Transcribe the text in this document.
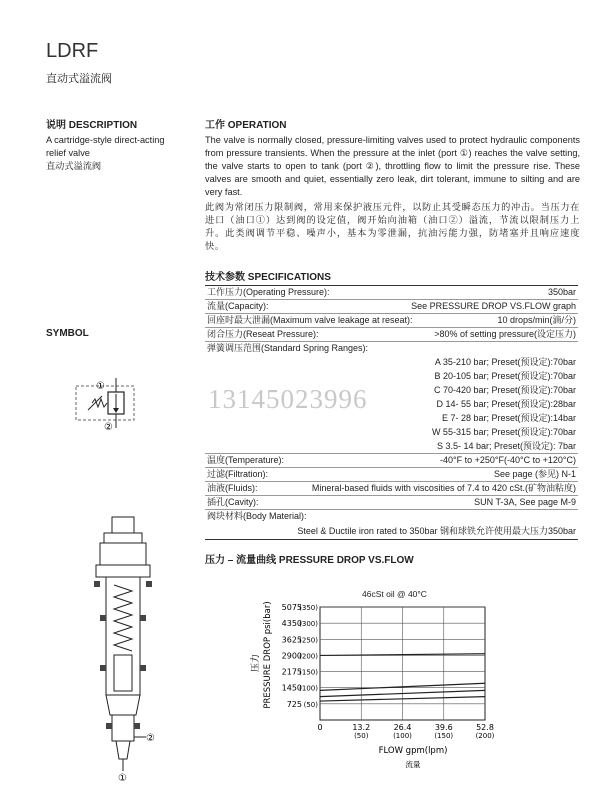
LDRF
直动式溢流阀
说明 DESCRIPTION
A cartridge-style direct-acting
relief valve
直动式溢流阀
工作 OPERATION
The valve is normally closed, pressure-limiting valves used to protect hydraulic components from pressure transients. When the pressure at the inlet (port ①) reaches the valve setting, the valve starts to open to tank (port ②), throttling flow to limit the pressure rise. These valves are smooth and quiet, essentially zero leak, dirt tolerant, immune to silting and are very fast.
此阀为常闭压力限制阀，常用来保护液压元件，以防止其受瞬态压力的冲击。当压力在进口（油口①）达到阀的设定值，阀开始向油箱（油口②）溢流，节流以限制压力上升。此类阀调节平稳、噪声小，基本为零泄漏，抗油污能力强，防堵塞并且响应速度快。
技术参数 SPECIFICATIONS
工作压力(Operating Pressure):	350bar
流量(Capacity):	See PRESSURE DROP VS.FLOW graph
回座时最大泄漏(Maximum valve leakage at reseat):	10 drops/min(滴/分)
闭合压力(Reseat Pressure):	>80% of setting pressure(设定压力)
弹簧调压范围(Standard Spring Ranges):
A 35-210 bar; Preset(预设定):70bar
B 20-105 bar; Preset(预设定):70bar
C 70-420 bar; Preset(预设定):70bar
D 14- 55 bar; Preset(预设定):28bar
E 7- 28 bar; Preset(预设定):14bar
W 55-315 bar; Preset(预设定):70bar
S 3.5- 14 bar; Preset(预设定): 7bar
温度(Temperature):	-40°F to +250°F(-40°C to +120°C)
过滤(Filtration):	See page (参见) N-1
油液(Fluids):	Mineral-based fluids with viscosities of 7.4 to 420 cSt.(矿物油粘度)
插孔(Cavity):	SUN T-3A, See page M-9
阀块材料(Body Material):
Steel & Ductile iron rated to 350bar 钢和球铁允许使用最大压力350bar
SYMBOL
①
②
13145023996
②
①
压力 – 流量曲线 PRESSURE DROP VS.FLOW
46cSt oil @ 40°C
压力 PRESSURE DROP psi(bar)
FLOW gpm(lpm)
流量
725 (50)
1450
(100)
2175
(150)
2900
(200)
3625
(250)
4350
(300)
5075
(350)
0	13.2
(50)
26.4
(100)
39.6
(150)
52.8
(200)
